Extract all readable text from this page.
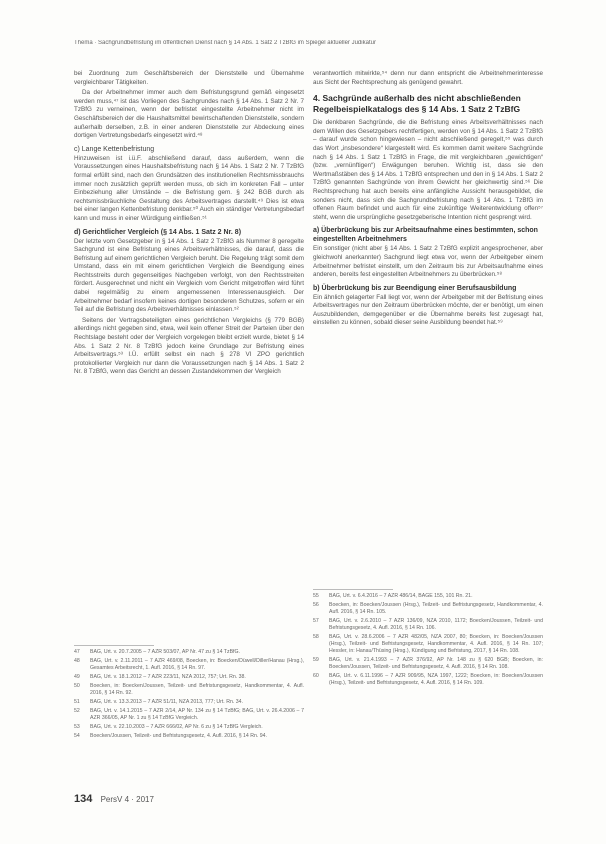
Thema · Sachgrundbefristung im öffentlichen Dienst nach § 14 Abs. 1 Satz 2 TzBfG im Spiegel aktueller Judikatur

bei Zuordnung zum Geschäftsbereich der Dienststelle und Übernahme vergleichbarer Tätigkeiten.

Da der Arbeitnehmer immer auch dem Befristungsgrund gemäß eingesetzt werden muss,⁴⁷ ist das Vorliegen des Sachgrundes nach § 14 Abs. 1 Satz 2 Nr. 7 TzBfG zu verneinen, wenn der befristet eingestellte Arbeitnehmer nicht im Geschäftsbereich der die Haushaltsmittel bewirtschaftenden Dienststelle, sondern außerhalb derselben, z.B. in einer anderen Dienststelle zur Abdeckung eines dortigen Vertretungsbedarfs eingesetzt wird.⁴⁸

c) Lange Kettenbefristung

Hinzuweisen ist i.ü.F. abschließend darauf, dass außerdem, wenn die Voraussetzungen eines Haushaltsbefristung nach § 14 Abs. 1 Satz 2 Nr. 7 TzBfG formal erfüllt sind, nach den Grundsätzen des institutionellen Rechtsmissbrauchs immer noch zusätzlich geprüft werden muss, ob sich im konkreten Fall – unter Einbeziehung aller Umstände – die Befristung gem. § 242 BGB durch als rechtsmissbräuchliche Gestaltung des Arbeitsvertrages darstellt.⁴⁹ Dies ist etwa bei einer langen Kettenbefristung denkbar.⁵⁰ Auch ein ständiger Vertretungsbedarf kann und muss in einer Würdigung einfließen.⁵¹

d) Gerichtlicher Vergleich (§ 14 Abs. 1 Satz 2 Nr. 8)

Der letzte vom Gesetzgeber in § 14 Abs. 1 Satz 2 TzBfG als Nummer 8 geregelte Sachgrund ist eine Befristung eines Arbeitsverhältnisses, die darauf, dass die Befristung auf einem gerichtlichen Vergleich beruht. Die Regelung trägt somit dem Umstand, dass ein mit einem gerichtlichen Vergleich die Beendigung eines Rechtsstreits durch gegenseitiges Nachgeben verfolgt, von den Rechtsstreiten fördert. Ausgerechnet und nicht ein Vergleich vom Gericht mitgetroffen wird führt dabei regelmäßig zu einem angemessenen Interessenausgleich. Der Arbeitnehmer bedarf insofern keines dortigen besonderen Schutzes, sofern er ein Teil auf die Befristung des Arbeitsverhältnisses einlassen.⁵²

Seitens der Vertragsbeteiligten eines gerichtlichen Vergleichs (§ 779 BGB) allerdings nicht gegeben sind, etwa, weil kein offener Streit der Parteien über den Rechtslage besteht oder der Vergleich vorgelegen bleibt erzielt wurde, bietet § 14 Abs. 1 Satz 2 Nr. 8 TzBfG jedoch keine Grundlage zur Befristung eines Arbeitsvertrags.⁵³ I.Ü. erfüllt selbst ein nach § 278 VI ZPO gerichtlich protokollierter Vergleich nur dann die Voraussetzungen nach § 14 Abs. 1 Satz 2 Nr. 8 TzBfG, wenn das Gericht an dessen Zustandekommen der Vergleich

verantwortlich mitwirkte,⁵⁴ denn nur dann entspricht die Arbeitnehmerinteresse aus Sicht der Rechtsprechung als genügend gewahrt.

4. Sachgründe außerhalb des nicht abschließenden Regelbeispielkatalogs des § 14 Abs. 1 Satz 2 TzBfG

Die denkbaren Sachgründe, die die Befristung eines Arbeitsverhältnisses nach dem Willen des Gesetzgebers rechtfertigen, werden von § 14 Abs. 1 Satz 2 TzBfG – darauf wurde schon hingewiesen – nicht abschließend geregelt,⁵⁵ was durch das Wort „insbesondere“ klargestellt wird. Es kommen damit weitere Sachgründe nach § 14 Abs. 1 Satz 1 TzBfG in Frage, die mit vergleichbaren „gewichtigen“ (bzw. „vernünftigen“) Erwägungen beruhen. Wichtig ist, dass sie den Wertmaßstäben des § 14 Abs. 1 TzBfG entsprechen und den in § 14 Abs. 1 Satz 2 TzBfG genannten Sachgründe von ihrem Gewicht her gleichwertig sind.⁵⁶ Die Rechtsprechung hat auch bereits eine anfängliche Aussicht herausgebildet, die sonders nicht, dass sich die Sachgrundbefristung nach § 14 Abs. 1 TzBfG im offenen Raum befindet und auch für eine zukünftige Weiterentwicklung offen⁵⁷ steht, wenn die ursprüngliche gesetzgeberische Intention nicht gesprengt wird.

a) Überbrückung bis zur Arbeitsaufnahme eines bestimmten, schon eingestellten Arbeitnehmers

Ein sonstiger (nicht aber § 14 Abs. 1 Satz 2 TzBfG explizit angesprochener, aber gleichwohl anerkannter) Sachgrund liegt etwa vor, wenn der Arbeitgeber einem Arbeitnehmer befristet einstellt, um den Zeitraum bis zur Arbeitsaufnahme eines anderen, bereits fest eingestellten Arbeitnehmers zu überbrücken.⁵⁸

b) Überbrückung bis zur Beendigung einer Berufsausbildung

Ein ähnlich gelagerter Fall liegt vor, wenn der Arbeitgeber mit der Befristung eines Arbeitsvertrages nur den Zeitraum überbrücken möchte, der er benötigt, um einen Auszubildenden, demgegenüber er die Übernahme bereits fest zugesagt hat, einstellen zu können, sobald dieser seine Ausbildung beendet hat.⁵⁹

47	BAG, Urt. v. 20.7.2005 – 7 AZR 503/07, AP Nr. 47 zu § 14 TzBfG.
48	BAG, Urt. v. 2.11.2011 – 7 AZR 469/08, Boecken, in: Boecken/Düwell/Diller/Hanau (Hrsg.), Gesamtes Arbeitsrecht, 1. Aufl. 2016, § 14 Rn. 97.
49	BAG, Urt. v. 18.1.2012 – 7 AZR 223/11, NZA 2012, 757; Urt. Rn. 38.
50	Boecken, in: Boecken/Joussen, Teilzeit- und Befristungsgesetz, Handkommentar, 4. Aufl. 2016, § 14 Rn. 92.
51	BAG, Urt. v. 13.3.2013 – 7 AZR 51/11, NZA 2013, 777; Urt. Rn. 34.
52	BAG, Urt. v. 14.1.2015 – 7 AZR 2/14, AP Nr. 134 zu § 14 TzBfG; BAG, Urt. v. 26.4.2006 – 7 AZR 366/05, AP Nr. 1 zu § 14 TzBfG Vergleich.
53	BAG, Urt. v. 22.10.2003 – 7 AZR 666/02, AP Nr. 6 zu § 14 TzBfG Vergleich.
54	Boecken/Joussen, Teilzeit- und Befristungsgesetz, 4. Aufl. 2016, § 14 Rn. 94.
55	BAG, Urt. v. 6.4.2016 – 7 AZR 486/14, BAGE 155, 101 Rn. 21.
56	Boecken, in: Boecken/Joussen (Hrsg.), Teilzeit- und Befristungsgesetz, Handkommentar, 4. Aufl. 2016, § 14 Rn. 105.
57	BAG, Urt. v. 2.6.2010 – 7 AZR 136/09, NZA 2010, 1172; Boecken/Joussen, Teilzeit- und Befristungsgesetz, 4. Aufl. 2016, § 14 Rn. 106.
58	BAG, Urt. v. 28.6.2006 – 7 AZR 482/05, NZA 2007, 80; Boecken, in: Boecken/Joussen (Hrsg.), Teilzeit- und Befristungsgesetz, Handkommentar, 4. Aufl. 2016, § 14 Rn. 107; Hessler, in: Hanau/Thüsing (Hrsg.), Kündigung und Befristung, 2017, § 14 Rn. 108.
59	BAG, Urt. v. 21.4.1993 – 7 AZR 376/92, AP Nr. 148 zu § 620 BGB; Boecken, in: Boecken/Joussen, Teilzeit- und Befristungsgesetz, 4. Aufl. 2016, § 14 Rn. 108.
60	BAG, Urt. v. 6.11.1996 – 7 AZR 909/95, NZA 1997, 1222; Boecken, in: Boecken/Joussen (Hrsg.), Teilzeit- und Befristungsgesetz, 4. Aufl. 2016, § 14 Rn. 109.
134 PersV 4 · 2017
